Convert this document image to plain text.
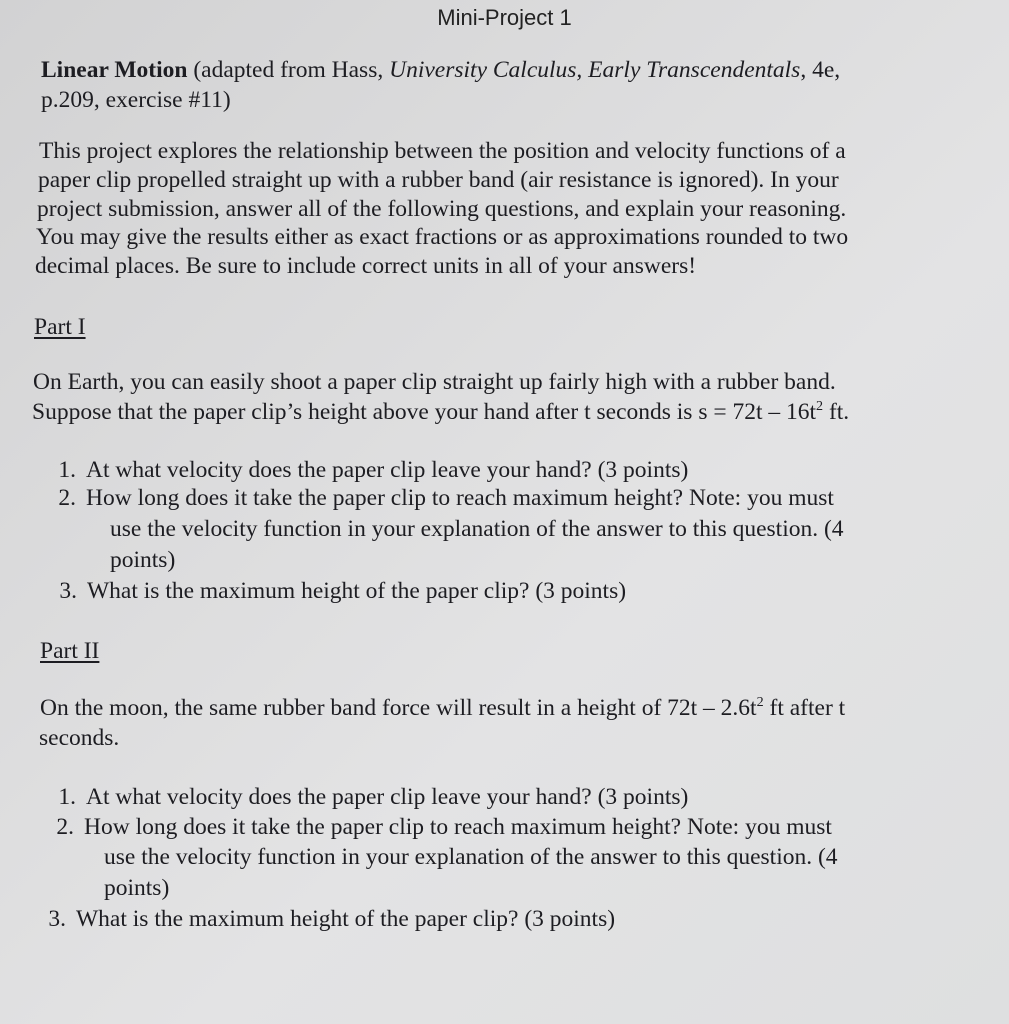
Mini-Project 1
Linear Motion (adapted from Hass, University Calculus, Early Transcendentals, 4e,
p.209, exercise #11)
This project explores the relationship between the position and velocity functions of a
paper clip propelled straight up with a rubber band (air resistance is ignored). In your
project submission, answer all of the following questions, and explain your reasoning.
You may give the results either as exact fractions or as approximations rounded to two
decimal places. Be sure to include correct units in all of your answers!
Part I
On Earth, you can easily shoot a paper clip straight up fairly high with a rubber band.
Suppose that the paper clip’s height above your hand after t seconds is $s = 72t - 16t^2$ ft.
1. At what velocity does the paper clip leave your hand? (3 points)
2. How long does it take the paper clip to reach maximum height? Note: you must
use the velocity function in your explanation of the answer to this question. (4
points)
3. What is the maximum height of the paper clip? (3 points)
Part II
On the moon, the same rubber band force will result in a height of $72t - 2.6t^2$ ft after t
seconds.
1. At what velocity does the paper clip leave your hand? (3 points)
2. How long does it take the paper clip to reach maximum height? Note: you must
use the velocity function in your explanation of the answer to this question. (4
points)
3. What is the maximum height of the paper clip? (3 points)
